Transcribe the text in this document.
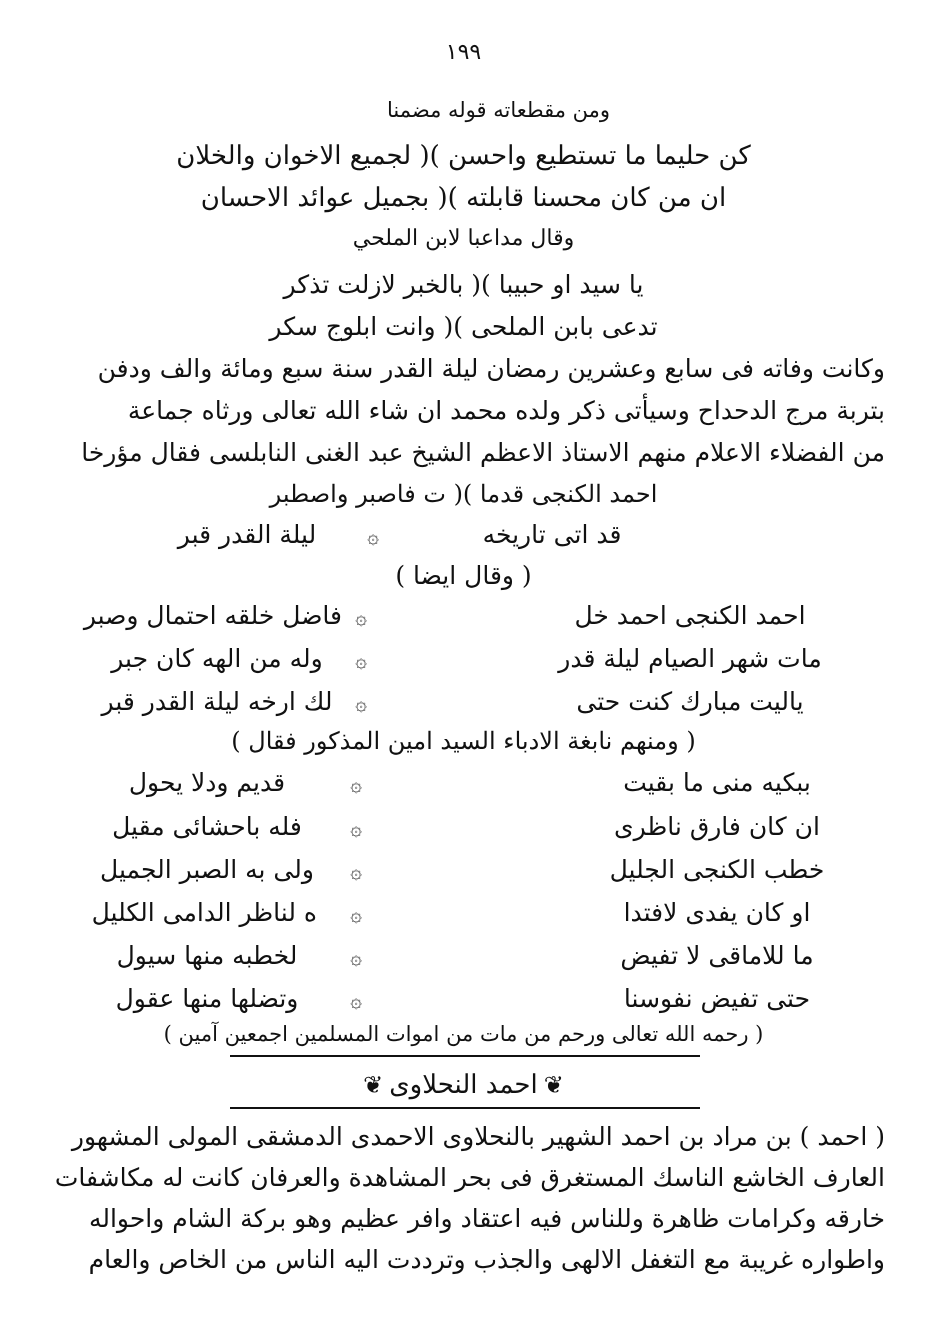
١٩٩
ومن مقطعاته قوله مضمنا
كن حليما ما تستطيع واحسن )( لجميع الاخوان والخلان
ان من كان محسنا قابلته )( بجميل عوائد الاحسان
وقال مداعبا لابن الملحي
يا سيد او حبيبا )( بالخبر لازلت تذكر
تدعى بابن الملحى )( وانت ابلوج سكر
وكانت وفاته فى سابع وعشرين رمضان ليلة القدر سنة سبع ومائة والف ودفن
بتربة مرج الدحداح وسيأتى ذكر ولده محمد ان شاء الله تعالى ورثاه جماعة
من الفضلاء الاعلام منهم الاستاذ الاعظم الشيخ عبد الغنى النابلسى فقال مؤرخا
احمد الكنجى قدما )( ت فاصبر واصطبر
قد اتى تاريخه
۞
ليلة القدر قبر
( وقال ايضا )
احمد الكنجى احمد خل
۞
فاضل خلقه احتمال وصبر
مات شهر الصيام ليلة قدر
۞
وله من الهه كان جبر
ياليت مبارك كنت حتى
۞
لك ارخه ليلة القدر قبر
( ومنهم نابغة الادباء السيد امين المذكور فقال )
ببكيه منى ما بقيت
۞
قديم ودلا يحول
ان كان فارق ناظرى
۞
فله باحشائى مقيل
خطب الكنجى الجليل
۞
ولى به الصبر الجميل
او كان يفدى لافتدا
۞
ه لناظر الدامى الكليل
ما للاماقى لا تفيض
۞
لخطبه منها سيول
حتى تفيض نفوسنا
۞
وتضلها منها عقول
( رحمه الله تعالى ورحم من مات من اموات المسلمين اجمعين آمين )
❦احمد النحلاوى❦
( احمد ) بن مراد بن احمد الشهير بالنحلاوى الاحمدى الدمشقى المولى المشهور
العارف الخاشع الناسك المستغرق فى بحر المشاهدة والعرفان كانت له مكاشفات
خارقه وكرامات ظاهرة وللناس فيه اعتقاد وافر عظيم وهو بركة الشام واحواله
واطواره غريبة مع التغفل الالهى والجذب وترددت اليه الناس من الخاص والعام
